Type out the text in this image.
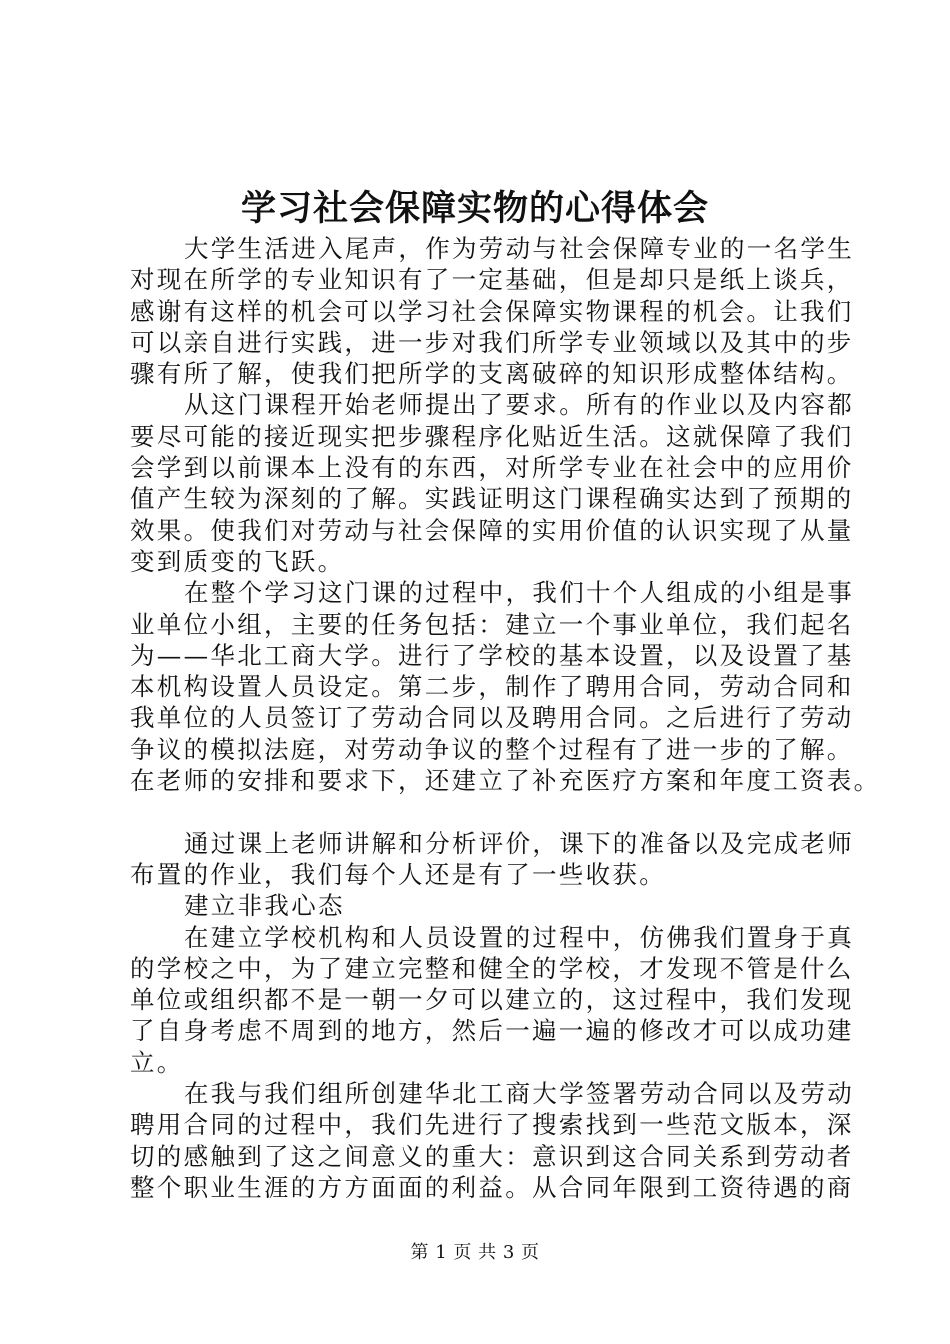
学习社会保障实物的心得体会
大学生活进入尾声，作为劳动与社会保障专业的一名学生
对现在所学的专业知识有了一定基础，但是却只是纸上谈兵，
感谢有这样的机会可以学习社会保障实物课程的机会。让我们
可以亲自进行实践，进一步对我们所学专业领域以及其中的步
骤有所了解，使我们把所学的支离破碎的知识形成整体结构。
从这门课程开始老师提出了要求。所有的作业以及内容都
要尽可能的接近现实把步骤程序化贴近生活。这就保障了我们
会学到以前课本上没有的东西，对所学专业在社会中的应用价
值产生较为深刻的了解。实践证明这门课程确实达到了预期的
效果。使我们对劳动与社会保障的实用价值的认识实现了从量
变到质变的飞跃。
在整个学习这门课的过程中，我们十个人组成的小组是事
业单位小组，主要的任务包括：建立一个事业单位，我们起名
为——华北工商大学。进行了学校的基本设置，以及设置了基
本机构设置人员设定。第二步，制作了聘用合同，劳动合同和
我单位的人员签订了劳动合同以及聘用合同。之后进行了劳动
争议的模拟法庭，对劳动争议的整个过程有了进一步的了解。
在老师的安排和要求下，还建立了补充医疗方案和年度工资表。
通过课上老师讲解和分析评价，课下的准备以及完成老师
布置的作业，我们每个人还是有了一些收获。
建立非我心态
在建立学校机构和人员设置的过程中，仿佛我们置身于真
的学校之中，为了建立完整和健全的学校，才发现不管是什么
单位或组织都不是一朝一夕可以建立的，这过程中，我们发现
了自身考虑不周到的地方，然后一遍一遍的修改才可以成功建
立。
在我与我们组所创建华北工商大学签署劳动合同以及劳动
聘用合同的过程中，我们先进行了搜索找到一些范文版本，深
切的感触到了这之间意义的重大：意识到这合同关系到劳动者
整个职业生涯的方方面面的利益。从合同年限到工资待遇的商
第 1 页 共 3 页
